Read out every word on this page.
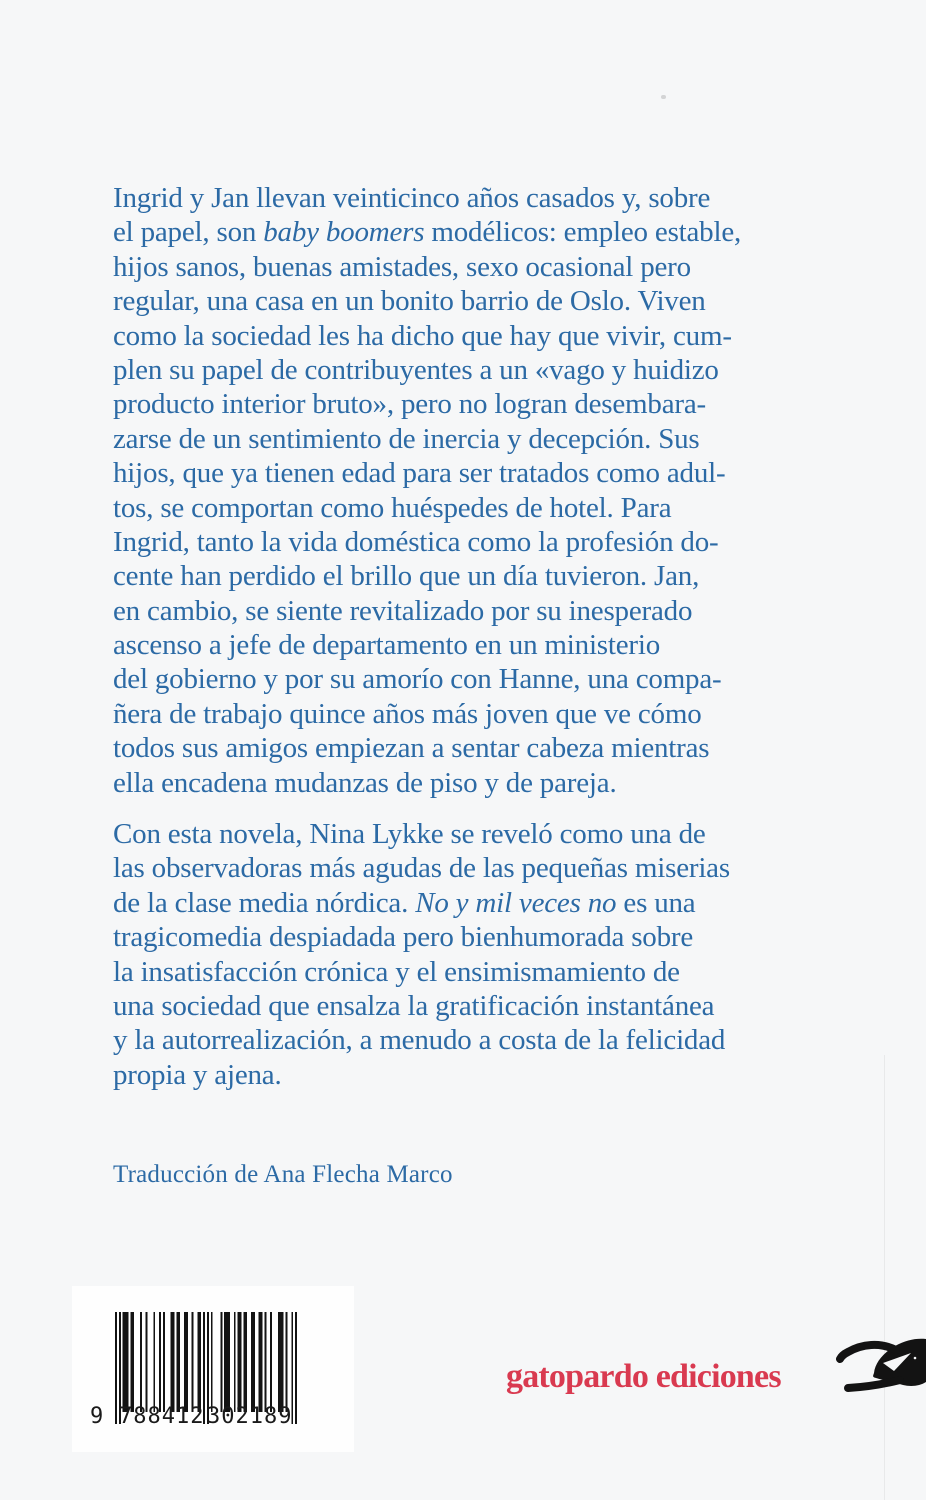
Ingrid y Jan llevan veinticinco años casados y, sobre
el papel, son baby boomers modélicos: empleo estable,
hijos sanos, buenas amistades, sexo ocasional pero
regular, una casa en un bonito barrio de Oslo. Viven
como la sociedad les ha dicho que hay que vivir, cum-
plen su papel de contribuyentes a un «vago y huidizo
producto interior bruto», pero no logran desembara-
zarse de un sentimiento de inercia y decepción. Sus
hijos, que ya tienen edad para ser tratados como adul-
tos, se comportan como huéspedes de hotel. Para
Ingrid, tanto la vida doméstica como la profesión do-
cente han perdido el brillo que un día tuvieron. Jan,
en cambio, se siente revitalizado por su inesperado
ascenso a jefe de departamento en un ministerio
del gobierno y por su amorío con Hanne, una compa-
ñera de trabajo quince años más joven que ve cómo
todos sus amigos empiezan a sentar cabeza mientras
ella encadena mudanzas de piso y de pareja.
Con esta novela, Nina Lykke se reveló como una de
las observadoras más agudas de las pequeñas miserias
de la clase media nórdica. No y mil veces no es una
tragicomedia despiadada pero bienhumorada sobre
la insatisfacción crónica y el ensimismamiento de
una sociedad que ensalza la gratificación instantánea
y la autorrealización, a menudo a costa de la felicidad
propia y ajena.
Traducción de Ana Flecha Marco
9 788412 302189
gatopardo ediciones
